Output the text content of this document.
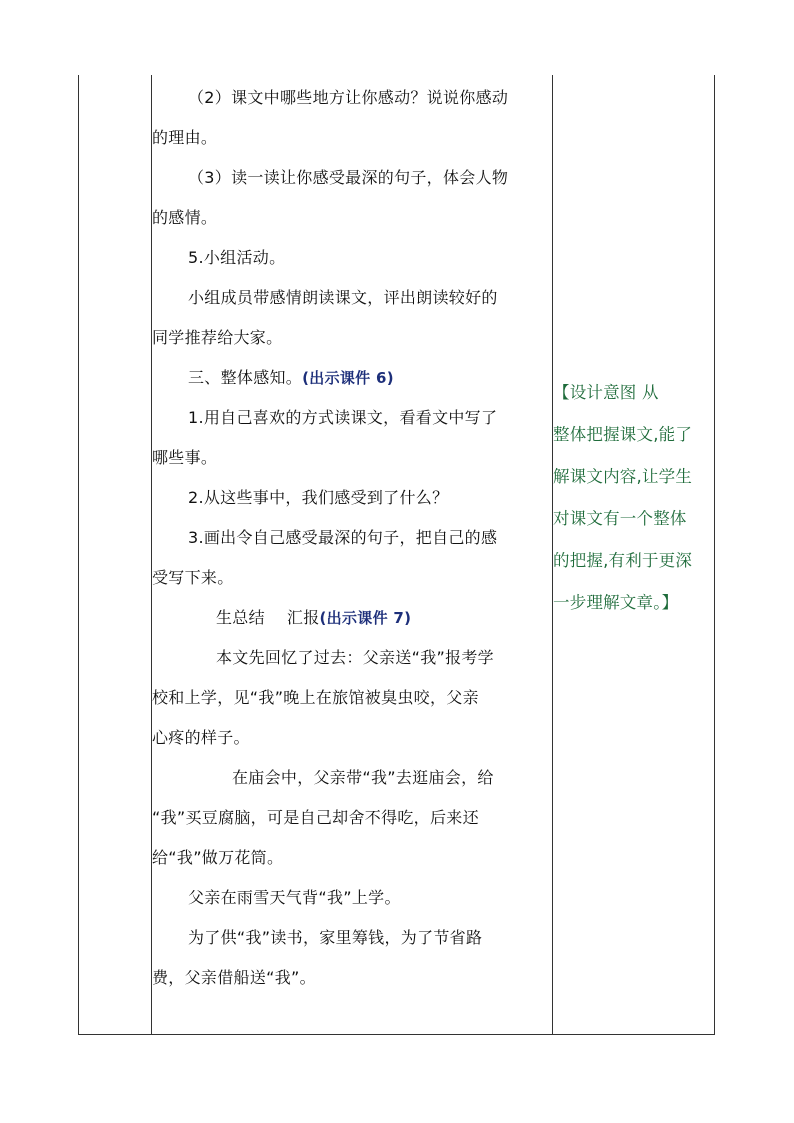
（2）课文中哪些地方让你感动？说说你感动

的理由。

（3）读一读让你感受最深的句子，体会人物

的感情。

5.小组活动。

小组成员带感情朗读课文，评出朗读较好的

同学推荐给大家。

三、整体感知。(出示课件 6)

1.用自己喜欢的方式读课文，看看文中写了

哪些事。

2.从这些事中，我们感受到了什么？

3.画出令自己感受最深的句子，把自己的感

受写下来。

生总结 汇报(出示课件 7)

本文先回忆了过去：父亲送“我”报考学

校和上学，见“我”晚上在旅馆被臭虫咬，父亲

心疼的样子。

在庙会中，父亲带“我”去逛庙会，给

“我”买豆腐脑，可是自己却舍不得吃，后来还

给“我”做万花筒。

父亲在雨雪天气背“我”上学。

为了供“我”读书，家里筹钱，为了节省路

费，父亲借船送“我”。

【设计意图 从

整体把握课文,能了

解课文内容,让学生

对课文有一个整体

的把握,有利于更深

一步理解文章。】
